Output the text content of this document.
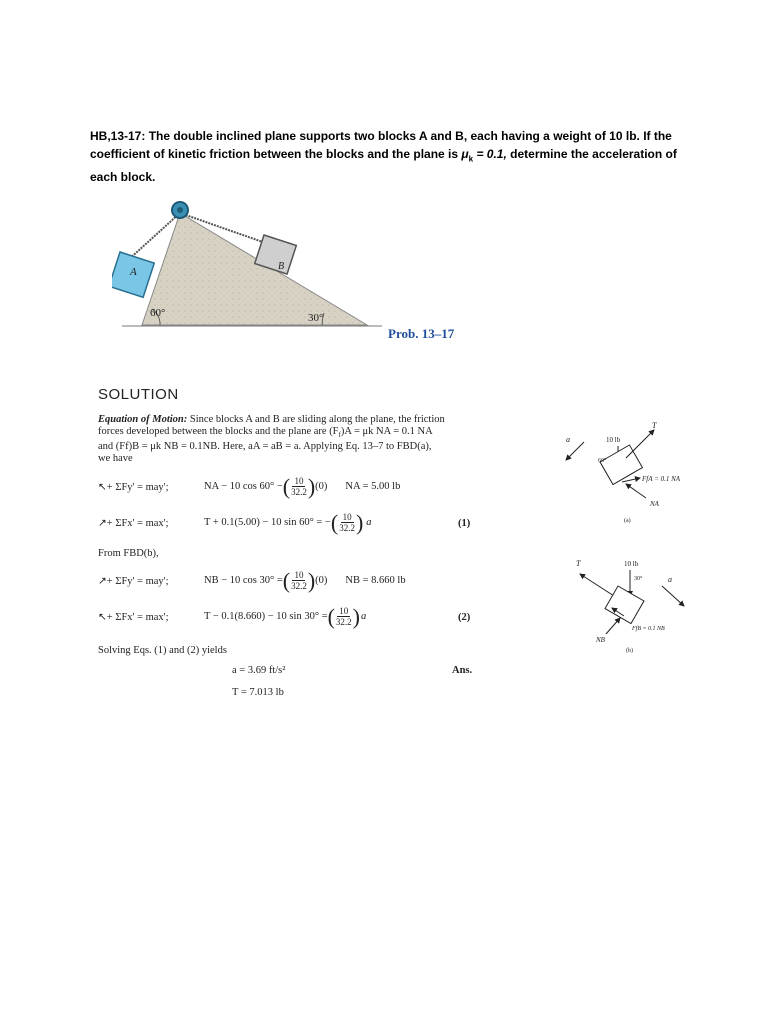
HB,13-17: The double inclined plane supports two blocks A and B, each having a weight of 10 lb. If the
coefficient of kinetic friction between the blocks and the plane is $\mu_k = 0.1$, determine the acceleration of
each block.
A	B
60°	30°
Prob. 13–17
SOLUTION
Equation of Motion: Since blocks A and B are sliding along the plane, the friction
forces developed between the blocks and the plane are $(F_f)A = \mu k$ NA = 0.1 NA
and (Ff)B = μk NB = 0.1NB. Here, aA = aB = a. Applying Eq. 13–7 to FBD(a),
we have
↖+ ΣFy' = may';	NA − 10 cos 60° − ( $\frac{10}{32.2}$ ) (0) NA = 5.00 lb
↗+ ΣFx' = max';	T + 0.1(5.00) − 10 sin 60° = − ( $\frac{10}{32.2}$ ) a	(1)
From FBD(b),
↗+ ΣFy' = may';	NB − 10 cos 30° = ( $\frac{10}{32.2}$ ) (0) NB = 8.660 lb
↖+ ΣFx' = max';	T − 0.1(8.660) − 10 sin 30° = ( $\frac{10}{32.2}$ ) a	(2)
Solving Eqs. (1) and (2) yields
a = 3.69 ft/s²	Ans.
T = 7.013 lb
a	10 lb
60°
T
FfA = 0.1 NA
NA
(a)
T	10 lb
30°	a
FfB = 0.1 NB
NB
(b)
